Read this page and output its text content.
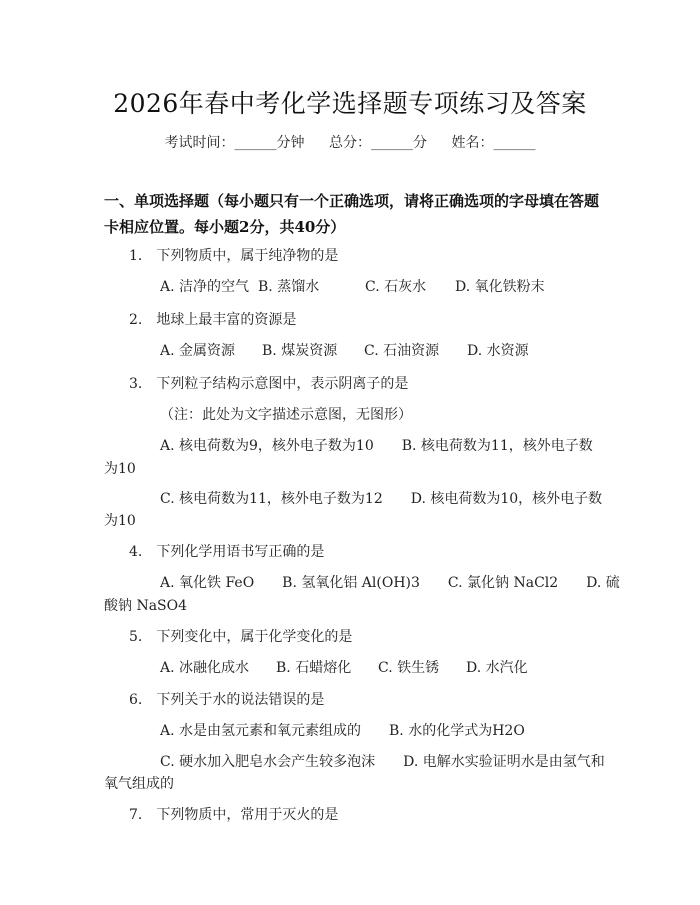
2026年春中考化学选择题专项练习及答案
考试时间：______分钟 总分：______分 姓名：______
一、单项选择题（每小题只有一个正确选项，请将正确选项的字母填在答题卡相应位置。每小题2分，共40分）
1.　下列物质中，属于纯净物的是
A. 洁净的空气 B. 蒸馏水	C. 石灰水 D. 氧化铁粉末
2.　地球上最丰富的资源是
A. 金属资源 B. 煤炭资源 C. 石油资源 D. 水资源
3.　下列粒子结构示意图中，表示阴离子的是
（注：此处为文字描述示意图，无图形）
A. 核电荷数为9，核外电子数为10　　B. 核电荷数为11，核外电子数
为10
C. 核电荷数为11，核外电子数为12　　D. 核电荷数为10，核外电子数
为10
4.　下列化学用语书写正确的是
A. 氧化铁 FeO　　B. 氢氧化铝 Al(OH)3　　C. 氯化钠 NaCl2　　D. 硫
酸钠 NaSO4
5.　下列变化中，属于化学变化的是
A. 冰融化成水 B. 石蜡熔化 C. 铁生锈 D. 水汽化
6.　下列关于水的说法错误的是
A. 水是由氢元素和氧元素组成的　　B. 水的化学式为H2O
C. 硬水加入肥皂水会产生较多泡沫　　D. 电解水实验证明水是由氢气和
氧气组成的
7.　下列物质中，常用于灭火的是
